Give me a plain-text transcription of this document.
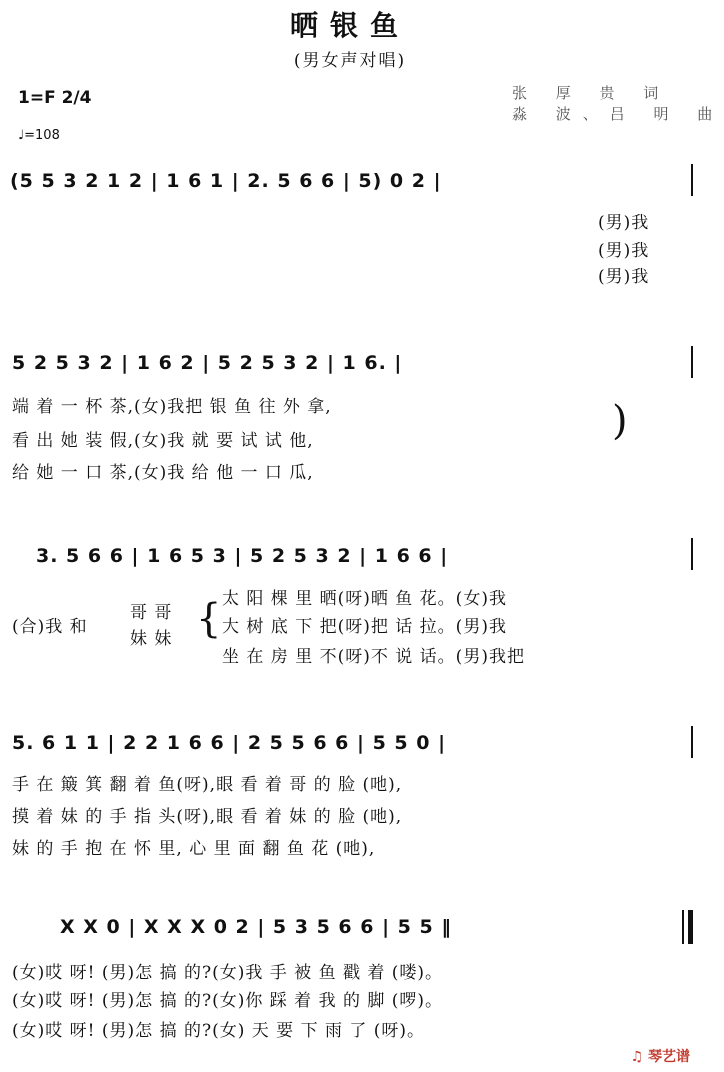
晒银鱼
(男女声对唱)
张 厚 贵 词
淼 波、吕 明 曲
1=F 2/4
♩=108
(5 5 3 2 1 2 | 1 6 1 | 2. 5 6 6 | 5) 0 2 |
(男)我
(男)我
(男)我
5 2 5 3 2 | 1 6 2 | 5 2 5 3 2 | 1 6. |
端 着 一 杯 茶,(女)我把 银 鱼 往 外 拿,
看 出 她 装 假,(女)我 就 要 试 试 他,
给 她 一 口 茶,(女)我 给 他 一 口 瓜,
)
3. 5 6 6 | 1 6 5 3 | 5 2 5 3 2 | 1 6 6 |
(合)我 和
哥 哥
妹 妹 { 太 阳 棵 里 晒(呀)晒 鱼 花。(女)我
大 树 底 下 把(呀)把 话 拉。(男)我
坐 在 房 里 不(呀)不 说 话。(男)我把
5. 6 1 1 | 2 2 1 6 6 | 2 5 5 6 6 | 5 5 0 |
手 在 簸 箕 翻 着 鱼(呀),眼 看 着 哥 的 脸 (吔),
摸 着 妹 的 手 指 头(呀),眼 看 着 妹 的 脸 (吔),
妹 的 手 抱 在 怀 里, 心 里 面 翻 鱼 花 (吔),
X X 0 | X X X 0 2 | 5 3 5 6 6 | 5 5 ‖
(女)哎 呀! (男)怎 搞 的?(女)我 手 被 鱼 戳 着 (喽)。
(女)哎 呀! (男)怎 搞 的?(女)你 踩 着 我 的 脚 (啰)。
(女)哎 呀! (男)怎 搞 的?(女) 天 要 下 雨 了 (呀)。
♫ 琴艺谱
